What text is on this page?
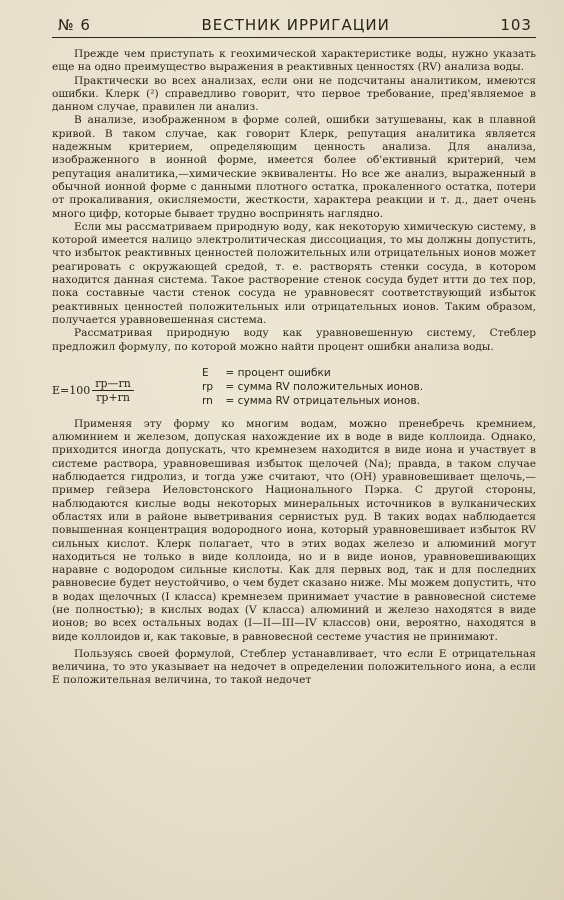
№ 6	ВЕСТНИК ИРРИГАЦИИ	103

Прежде чем приступать к геохимической характеристике воды, нужно указать еще на одно преимущество выражения в реактивных ценностях (RV) анализа воды.

Практически во всех анализах, если они не подсчитаны аналитиком, имеются ошибки. Клерк (²) справедливо говорит, что первое требование, пред'являемое в данном случае, правилен ли анализ.

В анализе, изображенном в форме солей, ошибки затушеваны, как в плавной кривой. В таком случае, как говорит Клерк, репутация аналитика является надежным критерием, определяющим ценность анализа. Для анализа, изображенного в ионной форме, имеется более об'ективный критерий, чем репутация аналитика,—химические эквиваленты. Но все же анализ, выраженный в обычной ионной форме с данными плотного остатка, прокаленного остатка, потери от прокаливания, окисляемости, жесткости, характера реакции и т. д., дает очень много цифр, которые бывает трудно воспринять наглядно.

Если мы рассматриваем природную воду, как некоторую химическую систему, в которой имеется налицо электролитическая диссоциация, то мы должны допустить, что избыток реактивных ценностей положительных или отрицательных ионов может реагировать с окружающей средой, т. е. растворять стенки сосуда, в котором находится данная система. Такое растворение стенок сосуда будет итти до тех пор, пока составные части стенок сосуда не уравновесят соответствующий избыток реактивных ценностей положительных или отрицательных ионов. Таким образом, получается уравновешенная система.

Рассматривая природную воду как уравновешенную систему, Стеблер предложил формулу, по которой можно найти процент ошибки анализа воды.

$E=100 \frac{rp—rn}{rp+rn}$
E = процент ошибки
rp = сумма RV положительных ионов.
rn = сумма RV отрицательных ионов.

Применяя эту форму ко многим водам, можно пренебречь кремнием, алюминием и железом, допуская нахождение их в воде в виде коллоида. Однако, приходится иногда допускать, что кремнезем находится в виде иона и участвует в системе раствора, уравновешивая избыток щелочей (Na); правда, в таком случае наблюдается гидролиз, и тогда уже считают, что (OH) уравновешивает щелочь,—пример гейзера Иеловстонского Национального Пэрка. С другой стороны, наблюдаются кислые воды некоторых минеральных источников в вулканических областях или в районе выветривания сернистых руд. В таких водах наблюдается повышенная концентрация водородного иона, который уравновешивает избыток RV сильных кислот. Клерк полагает, что в этих водах железо и алюминий могут находиться не только в виде коллоида, но и в виде ионов, уравновешивающих наравне с водородом сильные кислоты. Как для первых вод, так и для последних равновесие будет неустойчиво, о чем будет сказано ниже. Мы можем допустить, что в водах щелочных (I класса) кремнезем принимает участие в равновесной системе (не полностью); в кислых водах (V класса) алюминий и железо находятся в виде ионов; во всех остальных водах (I—II—III—IV классов) они, вероятно, находятся в виде коллоидов и, как таковые, в равновесной сестеме участия не принимают.

Пользуясь своей формулой, Стеблер устанавливает, что если E отрицательная величина, то это указывает на недочет в определении положительного иона, а если E положительная величина, то такой недочет
